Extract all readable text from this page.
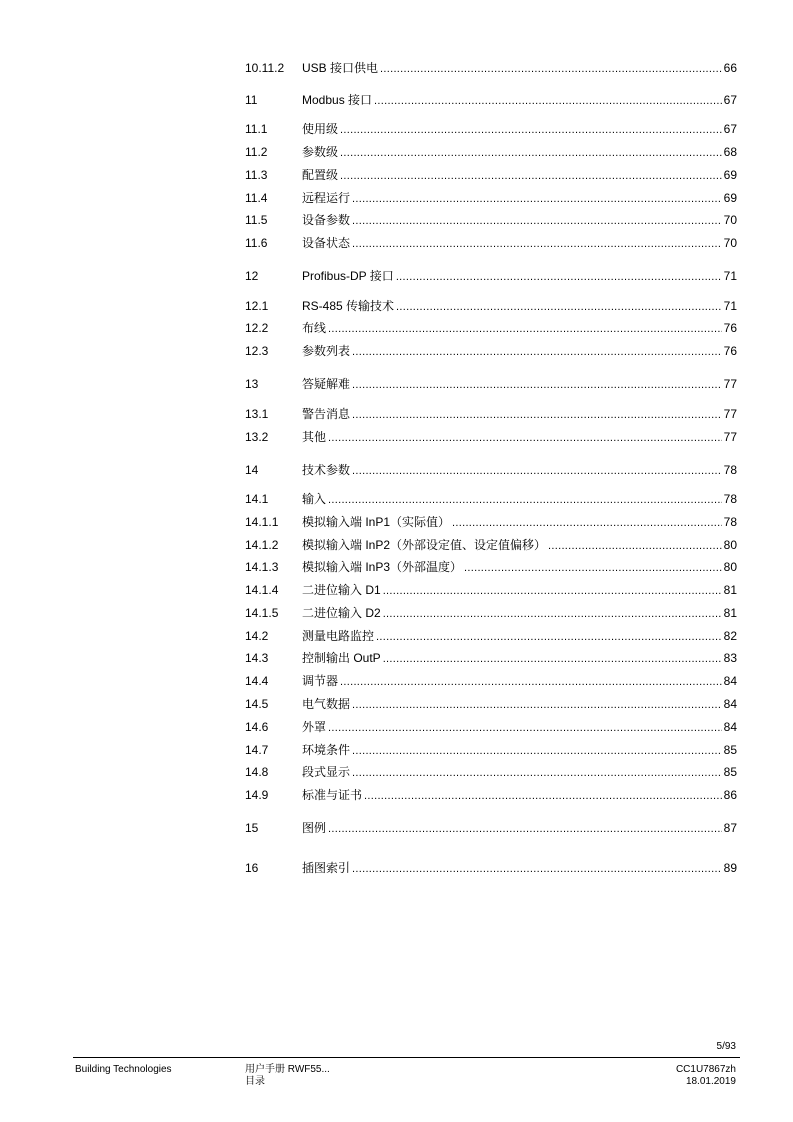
10.11.2 USB 接口供电 .....	66
11	Modbus 接口 .....	67
11.1	使用级 .....	67
11.2	参数级 .....	68
11.3	配置级 .....	69
11.4	远程运行 .....	69
11.5	设备参数 .....	70
11.6	设备状态 .....	70
12	Profibus-DP 接口 .....	71
12.1	RS-485 传输技术 .....	71
12.2	布线 .....	76
12.3	参数列表 .....	76
13	答疑解难 .....	77
13.1	警告消息 .....	77
13.2	其他 .....	77
14	技术参数 .....	78
14.1	输入 .....	78
14.1.1 模拟输入端 InP1（实际值） .....	78
14.1.2 模拟输入端 InP2（外部设定值、设定值偏移） .....	80
14.1.3 模拟输入端 InP3（外部温度） .....	80
14.1.4 二进位输入 D1 .....	81
14.1.5 二进位输入 D2 .....	81
14.2	测量电路监控 .....	82
14.3	控制输出 OutP .....	83
14.4	调节器 .....	84
14.5	电气数据 .....	84
14.6	外罩 .....	84
14.7	环境条件 .....	85
14.8	段式显示 .....	85
14.9	标准与证书 .....	86
15	图例 .....	87
16	插图索引 .....	89
5/93
Building Technologies	用户手册 RWF55...
目录
CC1U7867zh
18.01.2019
